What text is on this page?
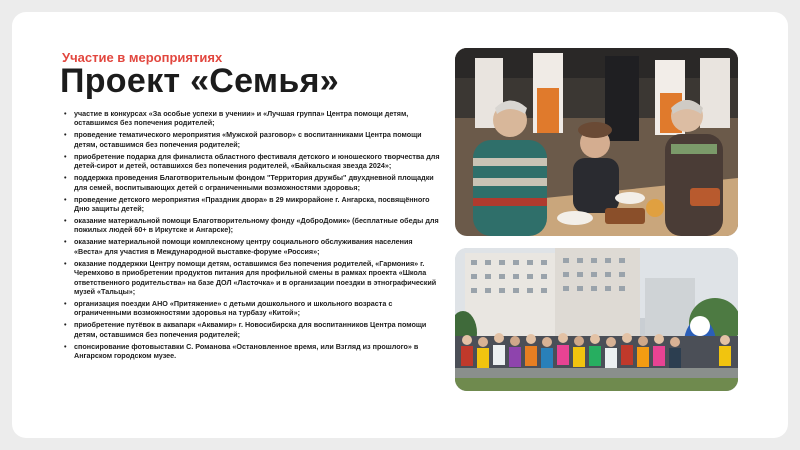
Участие в мероприятиях
Проект «Семья»
• участие в конкурсах «За особые успехи в учении» и «Лучшая группа» Центра помощи детям, оставшимся без попечения родителей;
• проведение тематического мероприятия «Мужской разговор» с воспитанниками Центра помощи детям, оставшимся без попечения родителей;
• приобретение подарка для финалиста областного фестиваля детского и юношеского творчества для детей-сирот и детей, оставшихся без попечения родителей, «Байкальская звезда 2024»;
• поддержка проведения Благотворительным фондом "Территория дружбы" двухдневной площадки для семей, воспитывающих детей с ограниченными возможностями здоровья;
• проведение детского мероприятия «Праздник двора» в 29 микрорайоне г. Ангарска, посвящённого Дню защиты детей;
• оказание материальной помощи Благотворительному фонду «ДоброДомик» (бесплатные обеды для пожилых людей 60+ в Иркутске и Ангарске);
• оказание материальной помощи комплексному центру социального обслуживания населения «Веста» для участия в Международной выставке-форуме «Россия»;
• оказание поддержки Центру помощи детям, оставшимся без попечения родителей, «Гармония» г. Черемхово в приобретении продуктов питания для профильной смены в рамках проекта «Школа ответственного родительства» на базе ДОЛ «Ласточка» и в организации поездки в этнографический музей «Тальцы»;
• организация поездки АНО «Притяжение» с детьми дошкольного и школьного возраста с ограниченными возможностями здоровья на турбазу «Китой»;
• приобретение путёвок в аквапарк «Аквамир» г. Новосибирска для воспитанников Центра помощи детям, оставшимся без попечения родителей;
• спонсирование фотовыставки С. Романова «Остановленное время, или Взгляд из прошлого» в Ангарском городском музее.
